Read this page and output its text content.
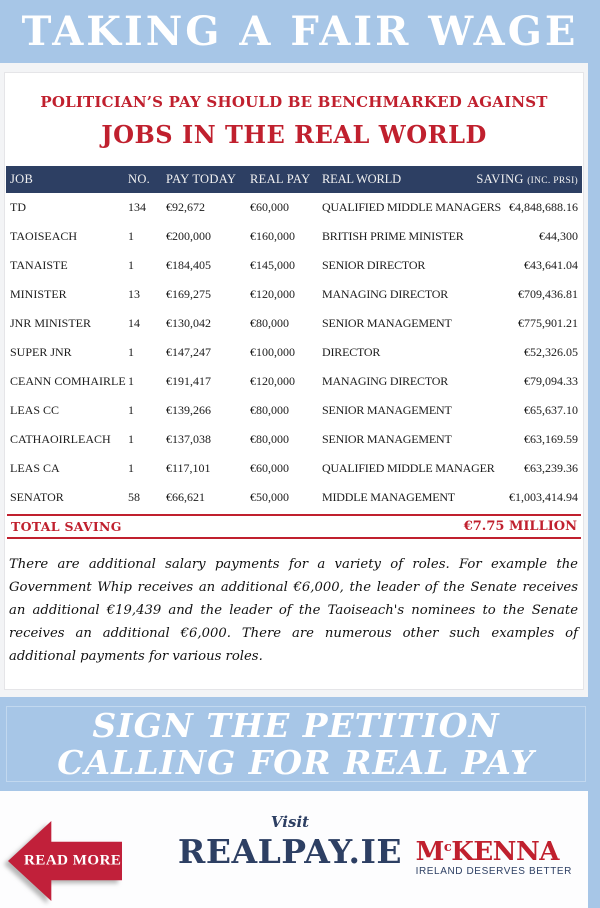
TAKING A FAIR WAGE
POLITICIAN’S PAY SHOULD BE BENCHMARKED AGAINST
JOBS IN THE REAL WORLD
JOB	NO.	PAY TODAY	REAL PAY REAL WORLD	SAVING (INC. PRSI)
TD	134	€92,672	€60,000	QUALIFIED MIDDLE MANAGERS €4,848,688.16
TAOISEACH	1	€200,000	€160,000	BRITISH PRIME MINISTER	€44,300
TANAISTE	1	€184,405	€145,000	SENIOR DIRECTOR	€43,641.04
MINISTER	13	€169,275	€120,000	MANAGING DIRECTOR	€709,436.81
JNR MINISTER	14	€130,042	€80,000	SENIOR MANAGEMENT	€775,901.21
SUPER JNR	1	€147,247	€100,000	DIRECTOR	€52,326.05
CEANN COMHAIRLE 1	€191,417	€120,000	MANAGING DIRECTOR	€79,094.33
LEAS CC	1	€139,266	€80,000	SENIOR MANAGEMENT	€65,637.10
CATHAOIRLEACH	1	€137,038	€80,000	SENIOR MANAGEMENT	€63,169.59
LEAS CA	1	€117,101	€60,000	QUALIFIED MIDDLE MANAGER	€63,239.36
SENATOR	58	€66,621	€50,000	MIDDLE MANAGEMENT	€1,003,414.94
TOTAL SAVING	€7.75 MILLION

There are additional salary payments for a variety of roles. For example the Government Whip receives an additional €6,000, the leader of the Senate receives an additional €19,439 and the leader of the Taoiseach's nominees to the Senate receives an additional €6,000. There are numerous other such examples of additional payments for various roles.

SIGN THE PETITION
CALLING FOR REAL PAY
READ MORE
Visit
REALPAY.IE $M^cKENNA$
IRELAND DESERVES BETTER
